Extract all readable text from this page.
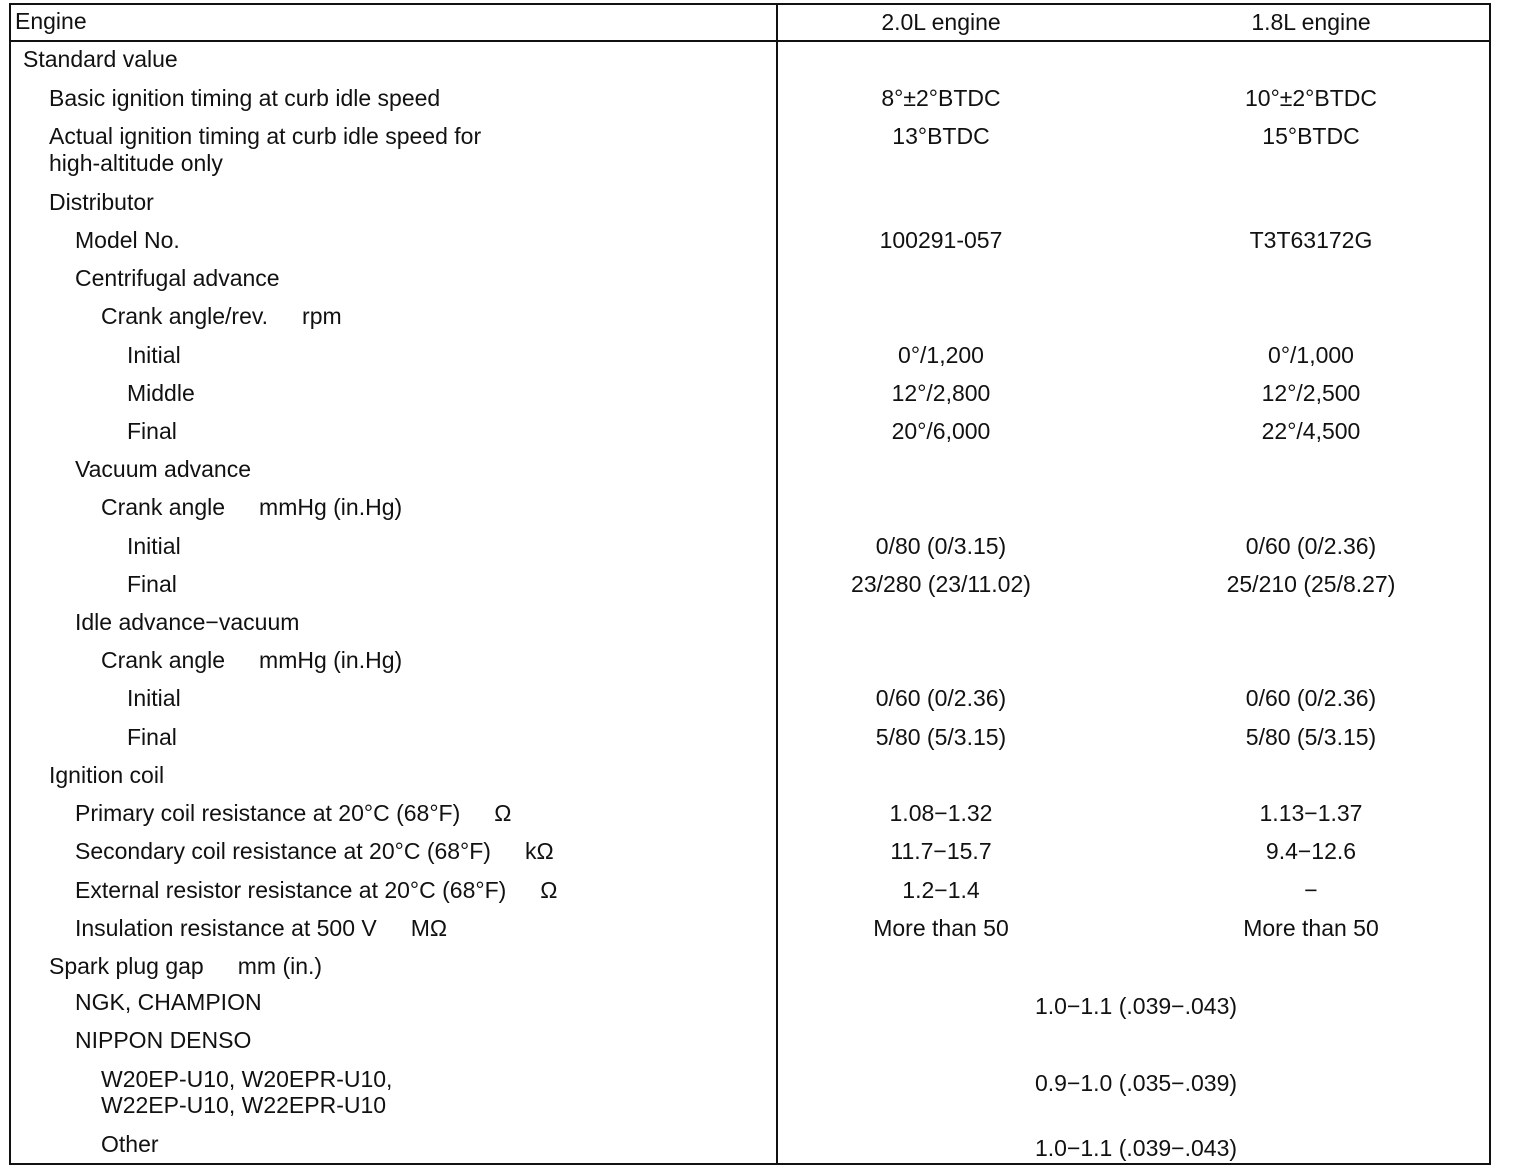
Engine	2.0L engine	1.8L engine
Standard value
Basic ignition timing at curb idle speed	8°±2°BTDC	10°±2°BTDC
Actual ignition timing at curb idle speed for
high-altitude only
13°BTDC	15°BTDC
Distributor
Model No.	100291-057	T3T63172G
Centrifugal advance
Crank angle/rev. rpm
Initial	0°/1,200	0°/1,000
Middle	12°/2,800	12°/2,500
Final	20°/6,000	22°/4,500
Vacuum advance
Crank angle mmHg (in.Hg)
Initial	0/80 (0/3.15)	0/60 (0/2.36)
Final	23/280 (23/11.02)	25/210 (25/8.27)
Idle advance−vacuum
Crank angle mmHg (in.Hg)
Initial	0/60 (0/2.36)	0/60 (0/2.36)
Final	5/80 (5/3.15)	5/80 (5/3.15)
Ignition coil
Primary coil resistance at 20°C (68°F) Ω	1.08−1.32	1.13−1.37
Secondary coil resistance at 20°C (68°F) kΩ	11.7−15.7	9.4−12.6
External resistor resistance at 20°C (68°F) Ω	1.2−1.4	−
Insulation resistance at 500 V MΩ	More than 50	More than 50
Spark plug gap mm (in.)
NGK, CHAMPION	1.0−1.1 (.039−.043)
NIPPON DENSO
W20EP-U10, W20EPR-U10,
W22EP-U10, W22EPR-U10
0.9−1.0 (.035−.039)
Other	1.0−1.1 (.039−.043)
